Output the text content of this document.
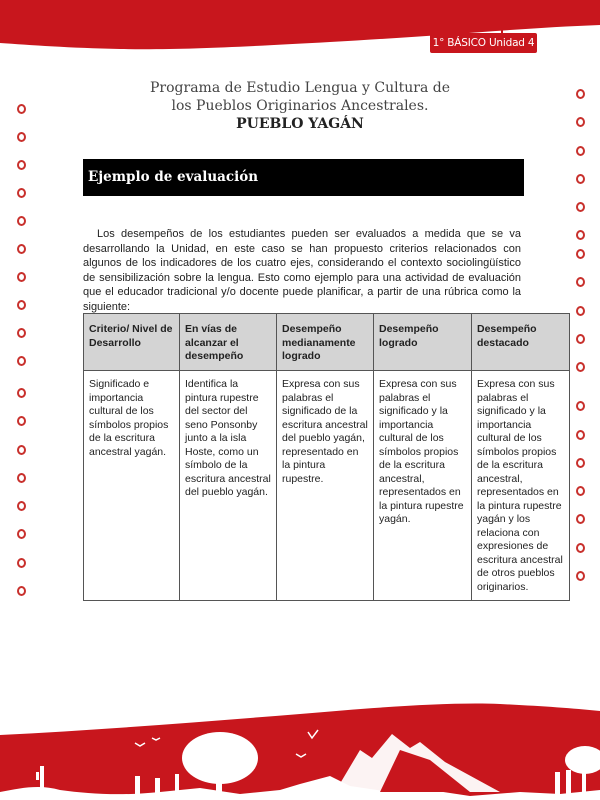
1° BÁSICO Unidad 4
Programa de Estudio Lengua y Cultura de
los Pueblos Originarios Ancestrales.
PUEBLO YAGÁN
Ejemplo de evaluación

Los desempeños de los estudiantes pueden ser evaluados a medida que se va desarrollando la Unidad, en este caso se han propuesto criterios relacionados con algunos de los indicadores de los cuatro ejes, considerando el contexto sociolingüístico de sensibilización sobre la lengua. Esto como ejemplo para una actividad de evaluación que el educador tradicional y/o docente puede planificar, a partir de una rúbrica como la siguiente:

Criterio/ Nivel de Desarrollo	En vías de alcanzar el desempeño	Desempeño medianamente logrado	Desempeño logrado	Desempeño destacado
Significado e importancia cultural de los símbolos propios de la escritura ancestral yagán.	Identifica la pintura rupestre del sector del seno Ponsonby junto a la isla Hoste, como un símbolo de la escritura ancestral del pueblo yagán.	Expresa con sus palabras el significado de la escritura ancestral del pueblo yagán, representado en la pintura rupestre.	Expresa con sus palabras el significado y la importancia cultural de los símbolos propios de la escritura ancestral, representados en la pintura rupestre yagán.	Expresa con sus palabras el significado y la importancia cultural de los símbolos propios de la escritura ancestral, representados en la pintura rupestre yagán y los relaciona con expresiones de escritura ancestral de otros pueblos originarios.
